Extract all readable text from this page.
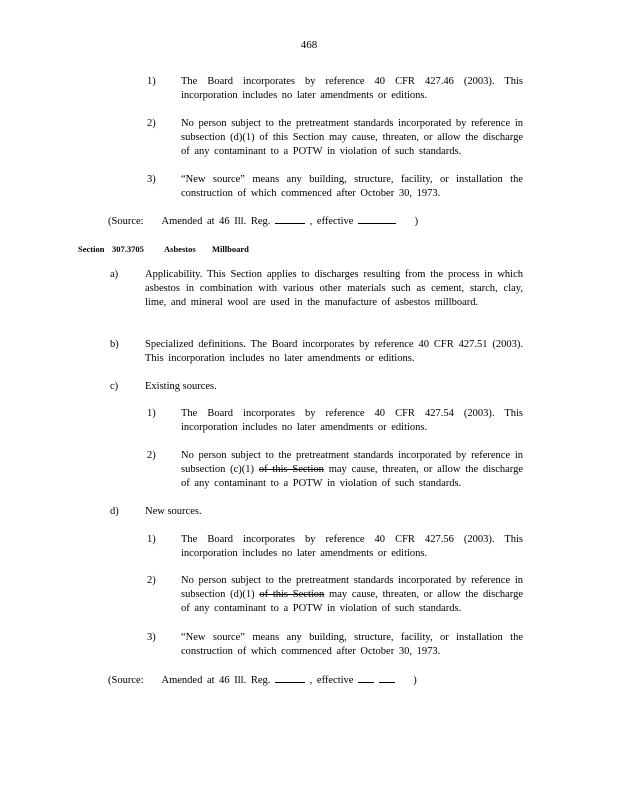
468
1) The Board incorporates by reference 40 CFR 427.46 (2003). This incorporation includes no later amendments or editions.
2) No person subject to the pretreatment standards incorporated by reference in subsection (d)(1) of this Section may cause, threaten, or allow the discharge of any contaminant to a POTW in violation of such standards.
3) “New source” means any building, structure, facility, or installation the construction of which commenced after October 30, 1973.
(Source: Amended at 46 Ill. Reg.	, effective	)
Section 307.3705 Asbestos Millboard
a)	Applicability. This Section applies to discharges resulting from the process in which asbestos in combination with various other materials such as cement, starch, clay, lime, and mineral wool are used in the manufacture of asbestos millboard.
b)	Specialized definitions. The Board incorporates by reference 40 CFR 427.51 (2003). This incorporation includes no later amendments or editions.
c)	Existing sources.
1) The Board incorporates by reference 40 CFR 427.54 (2003). This incorporation includes no later amendments or editions.
2) No person subject to the pretreatment standards incorporated by reference in subsection (c)(1) of this Section may cause, threaten, or allow the discharge of any contaminant to a POTW in violation of such standards.
d)	New sources.
1) The Board incorporates by reference 40 CFR 427.56 (2003). This incorporation includes no later amendments or editions.
2) No person subject to the pretreatment standards incorporated by reference in subsection (d)(1) of this Section may cause, threaten, or allow the discharge of any contaminant to a POTW in violation of such standards.
3) “New source” means any building, structure, facility, or installation the construction of which commenced after October 30, 1973.
(Source: Amended at 46 Ill. Reg.	, effective	)
